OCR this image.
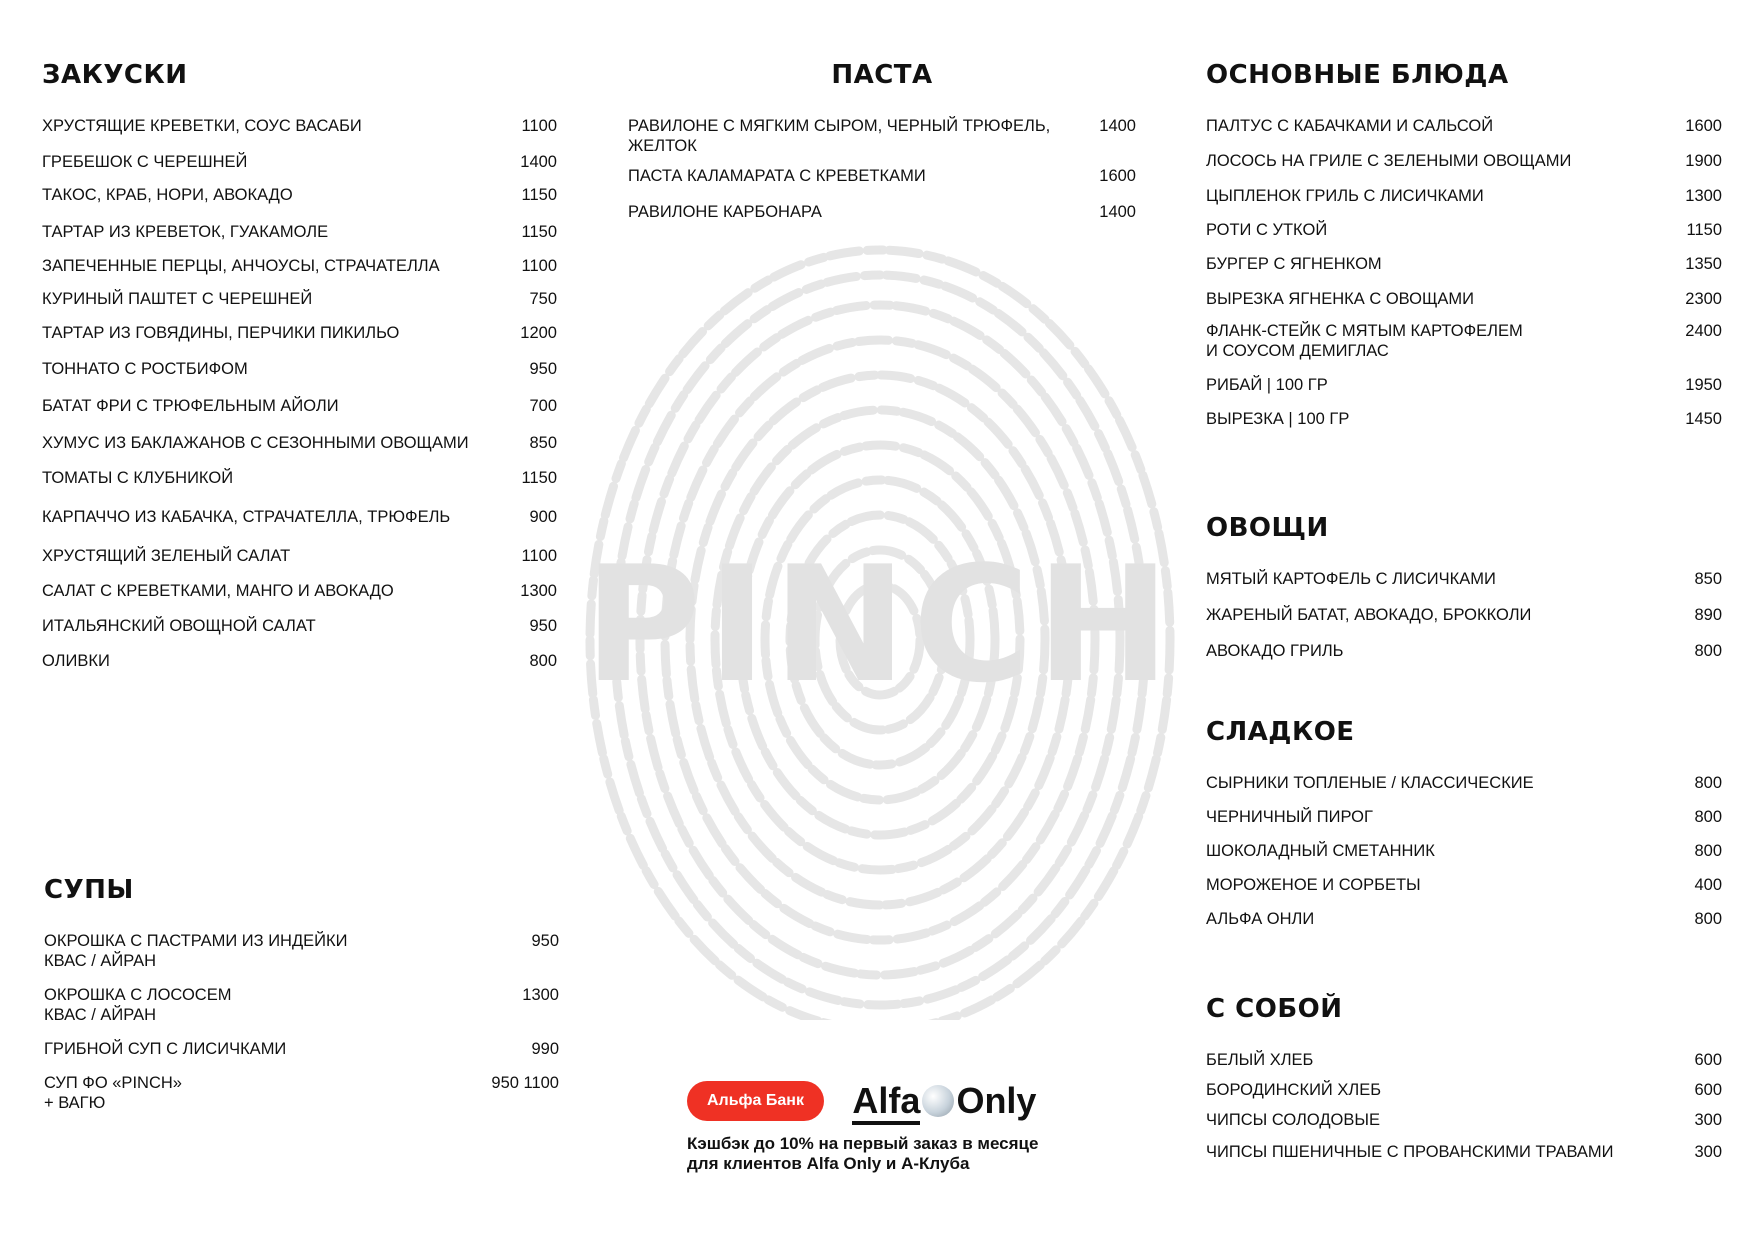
PINCH
ЗАКУСКИ
ХРУСТЯЩИЕ КРЕВЕТКИ, СОУС ВАСАБИ	1100
ГРЕБЕШОК С ЧЕРЕШНЕЙ	1400
ТАКОС, КРАБ, НОРИ, АВОКАДО	1150
ТАРТАР ИЗ КРЕВЕТОК, ГУАКАМОЛЕ	1150
ЗАПЕЧЕННЫЕ ПЕРЦЫ, АНЧОУСЫ, СТРАЧАТЕЛЛА	1100
КУРИНЫЙ ПАШТЕТ С ЧЕРЕШНЕЙ	750
ТАРТАР ИЗ ГОВЯДИНЫ, ПЕРЧИКИ ПИКИЛЬО	1200
ТОННАТО С РОСТБИФОМ	950
БАТАТ ФРИ С ТРЮФЕЛЬНЫМ АЙОЛИ	700
ХУМУС ИЗ БАКЛАЖАНОВ С СЕЗОННЫМИ ОВОЩАМИ	850
ТОМАТЫ С КЛУБНИКОЙ	1150
КАРПАЧЧО ИЗ КАБАЧКА, СТРАЧАТЕЛЛА, ТРЮФЕЛЬ	900
ХРУСТЯЩИЙ ЗЕЛЕНЫЙ САЛАТ	1100
САЛАТ С КРЕВЕТКАМИ, МАНГО И АВОКАДО	1300
ИТАЛЬЯНСКИЙ ОВОЩНОЙ САЛАТ	950
ОЛИВКИ	800
СУПЫ
ОКРОШКА С ПАСТРАМИ ИЗ ИНДЕЙКИ
КВАС / АЙРАН
950
ОКРОШКА С ЛОСОСЕМ
КВАС / АЙРАН
1300
ГРИБНОЙ СУП С ЛИСИЧКАМИ	990
СУП ФО «PINCH»
+ ВАГЮ
950 1100
ПАСТА
РАВИЛОНЕ С МЯГКИМ СЫРОМ, ЧЕРНЫЙ ТРЮФЕЛЬ,
ЖЕЛТОК
1400
ПАСТА КАЛАМАРАТА С КРЕВЕТКАМИ	1600
РАВИЛОНЕ КАРБОНАРА	1400
ОСНОВНЫЕ БЛЮДА
ПАЛТУС С КАБАЧКАМИ И САЛЬСОЙ	1600
ЛОСОСЬ НА ГРИЛЕ С ЗЕЛЕНЫМИ ОВОЩАМИ	1900
ЦЫПЛЕНОК ГРИЛЬ С ЛИСИЧКАМИ	1300
РОТИ С УТКОЙ	1150
БУРГЕР С ЯГНЕНКОМ	1350
ВЫРЕЗКА ЯГНЕНКА С ОВОЩАМИ	2300
ФЛАНК-СТЕЙК С МЯТЫМ КАРТОФЕЛЕМ
И СОУСОМ ДЕМИГЛАС
2400
РИБАЙ | 100 ГР	1950
ВЫРЕЗКА | 100 ГР	1450
ОВОЩИ
МЯТЫЙ КАРТОФЕЛЬ С ЛИСИЧКАМИ	850
ЖАРЕНЫЙ БАТАТ, АВОКАДО, БРОККОЛИ	890
АВОКАДО ГРИЛЬ	800
СЛАДКОЕ
СЫРНИКИ ТОПЛЕНЫЕ / КЛАССИЧЕСКИЕ	800
ЧЕРНИЧНЫЙ ПИРОГ	800
ШОКОЛАДНЫЙ СМЕТАННИК	800
МОРОЖЕНОЕ И СОРБЕТЫ	400
АЛЬФА ОНЛИ	800
С СОБОЙ
БЕЛЫЙ ХЛЕБ	600
БОРОДИНСКИЙ ХЛЕБ	600
ЧИПСЫ СОЛОДОВЫЕ	300
ЧИПСЫ ПШЕНИЧНЫЕ С ПРОВАНСКИМИ ТРАВАМИ	300
Альфа Банк Alfa Only
Кэшбэк до 10% на первый заказ в месяце
для клиентов Alfa Only и А-Клуба
